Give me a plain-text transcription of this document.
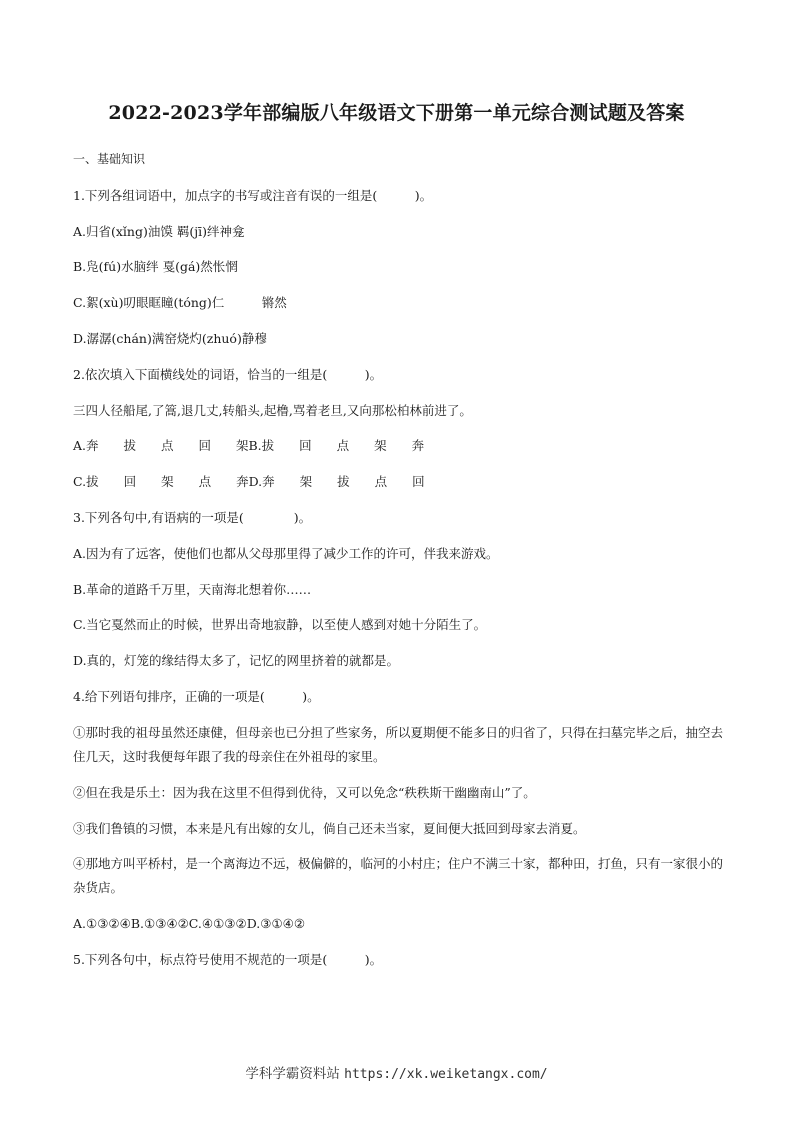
2022-2023学年部编版八年级语文下册第一单元综合测试题及答案
一、基础知识
1.下列各组词语中，加点字的书写或注音有误的一组是(　　　)。
A.归省(xǐng)油馍 羁(jī)绊神龛
B.凫(fú)水脑绊 戛(gá)然怅惘
C.絮(xù)叨眼眶瞳(tóng)仁　　　锵然
D.潺潺(chán)满窑烧灼(zhuó)静穆
2.依次填入下面横线处的词语，恰当的一组是(　　　)。
三四人径船尾,了篙,退几丈,转船头,起橹,骂着老旦,又向那松柏林前进了。
A.奔　　拔　　点　　回　　架B.拔　　回　　点　　架　　奔
C.拔　　回　　架　　点　　奔D.奔　　架　　拔　　点　　回
3.下列各句中,有语病的一项是(　　　　)。
A.因为有了远客，使他们也都从父母那里得了减少工作的许可，伴我来游戏。
B.革命的道路千万里，天南海北想着你……
C.当它戛然而止的时候，世界出奇地寂静，以至使人感到对她十分陌生了。
D.真的，灯笼的缘结得太多了，记忆的网里挤着的就都是。
4.给下列语句排序，正确的一项是(　　　)。
①那时我的祖母虽然还康健，但母亲也已分担了些家务，所以夏期便不能多日的归省了，只得在扫墓完毕之后，抽空去住几天，这时我便每年跟了我的母亲住在外祖母的家里。
②但在我是乐土：因为我在这里不但得到优待，又可以免念“秩秩斯干幽幽南山”了。
③我们鲁镇的习惯，本来是凡有出嫁的女儿，倘自己还未当家，夏间便大抵回到母家去消夏。
④那地方叫平桥村，是一个离海边不远，极偏僻的，临河的小村庄；住户不满三十家，都种田，打鱼，只有一家很小的杂货店。
A.①③②④B.①③④②C.④①③②D.③①④②
5.下列各句中，标点符号使用不规范的一项是(　　　)。
学科学霸资料站 https://xk.weiketangx.com/
